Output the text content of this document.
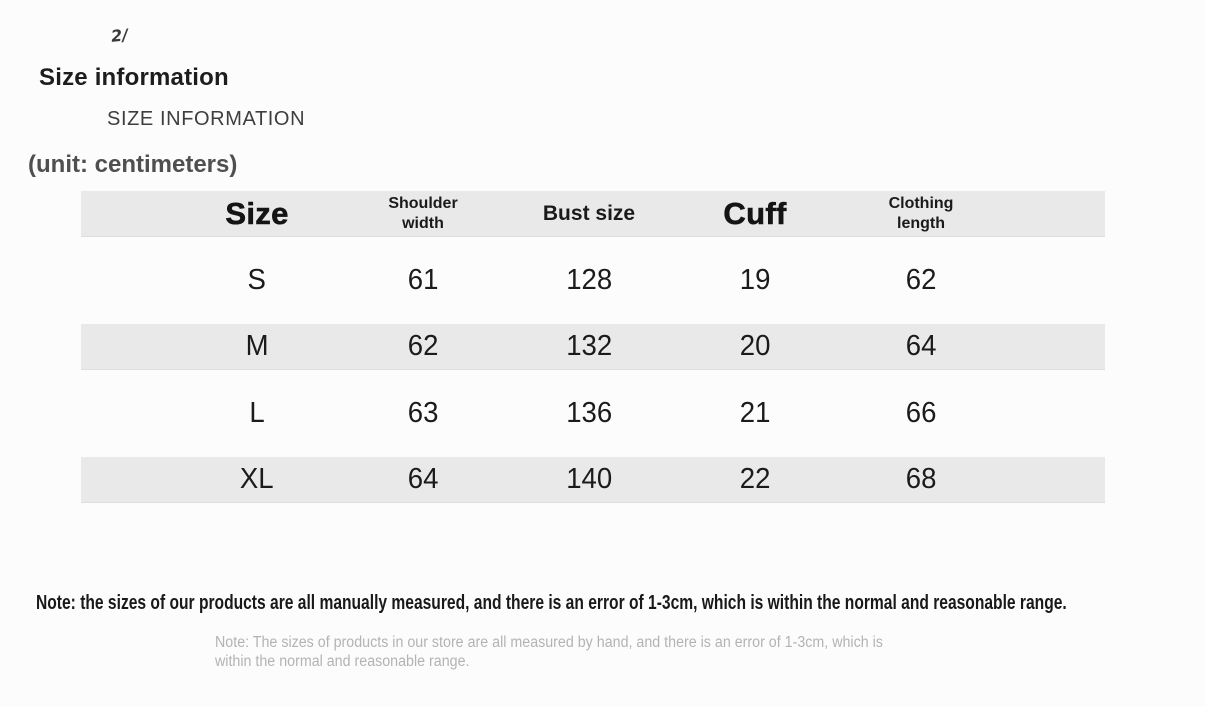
2/
Size information
SIZE INFORMATION
(unit: centimeters)
Size	Shoulder width	Bust size	Cuff	Clothing length
S	61	128	19	62
M	62	132	20	64
L	63	136	21	66
XL	64	140	22	68
Note: the sizes of our products are all manually measured, and there is an error of 1-3cm, which is within the normal and reasonable range.
Note: The sizes of products in our store are all measured by hand, and there is an error of 1-3cm, which is
within the normal and reasonable range.
